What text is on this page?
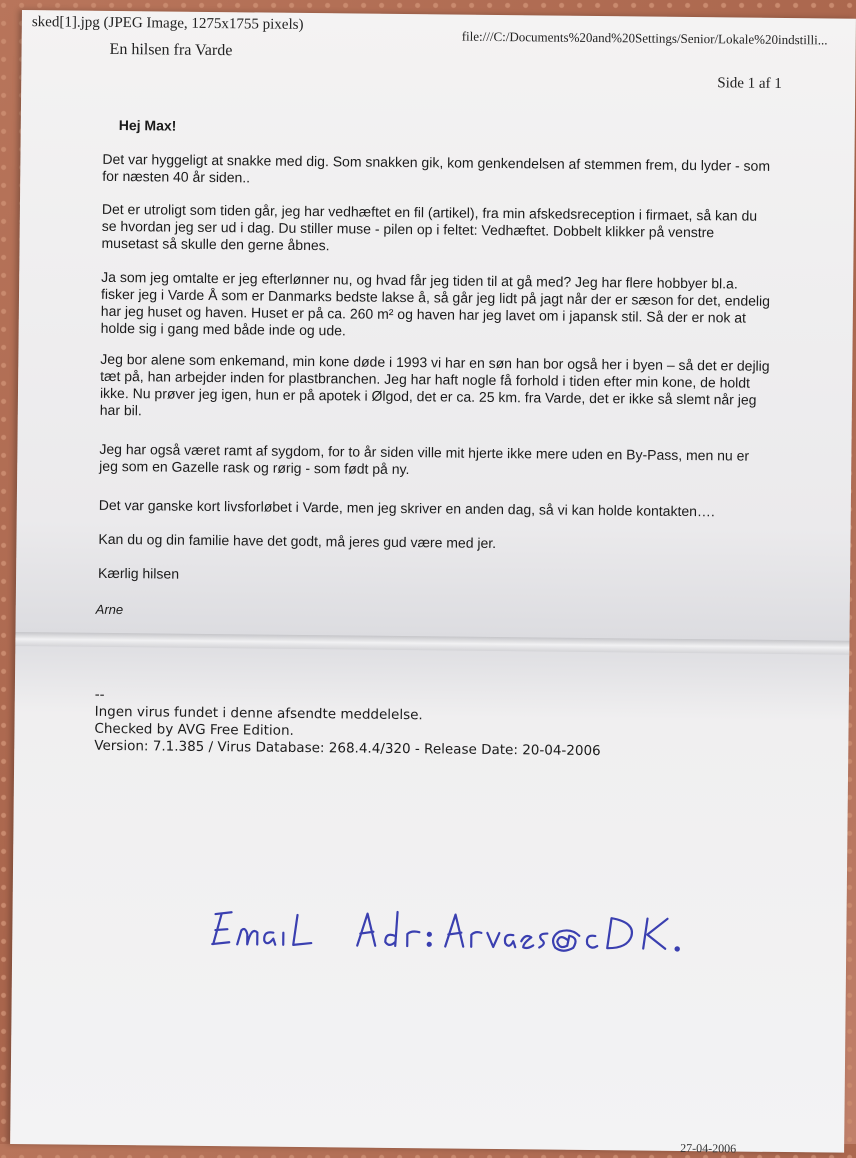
sked[1].jpg (JPEG Image, 1275x1755 pixels)
file:///C:/Documents%20and%20Settings/Senior/Lokale%20indstilli...
En hilsen fra Varde
Side 1 af 1
Hej Max!
Det var hyggeligt at snakke med dig. Som snakken gik, kom genkendelsen af stemmen frem, du lyder - som for næsten 40 år siden..
Det er utroligt som tiden går, jeg har vedhæftet en fil (artikel), fra min afskedsreception i firmaet, så kan du se hvordan jeg ser ud i dag. Du stiller muse - pilen op i feltet: Vedhæftet. Dobbelt klikker på venstre musetast så skulle den gerne åbnes.
Ja som jeg omtalte er jeg efterlønner nu, og hvad får jeg tiden til at gå med? Jeg har flere hobbyer bl.a. fisker jeg i Varde Å som er Danmarks bedste lakse å, så går jeg lidt på jagt når der er sæson for det, endelig har jeg huset og haven. Huset er på ca. 260 m² og haven har jeg lavet om i japansk stil. Så der er nok at holde sig i gang med både inde og ude.
Jeg bor alene som enkemand, min kone døde i 1993 vi har en søn han bor også her i byen – så det er dejlig tæt på, han arbejder inden for plastbranchen. Jeg har haft nogle få forhold i tiden efter min kone, de holdt ikke. Nu prøver jeg igen, hun er på apotek i Ølgod, det er ca. 25 km. fra Varde, det er ikke så slemt når jeg har bil.
Jeg har også været ramt af sygdom, for to år siden ville mit hjerte ikke mere uden en By-Pass, men nu er jeg som en Gazelle rask og rørig - som født på ny.
Det var ganske kort livsforløbet i Varde, men jeg skriver en anden dag, så vi kan holde kontakten….
Kan du og din familie have det godt, må jeres gud være med jer.
Kærlig hilsen
Arne
--
Ingen virus fundet i denne afsendte meddelelse.
Checked by AVG Free Edition.
Version: 7.1.385 / Virus Database: 268.4.4/320 - Release Date: 20-04-2006
27-04-2006
